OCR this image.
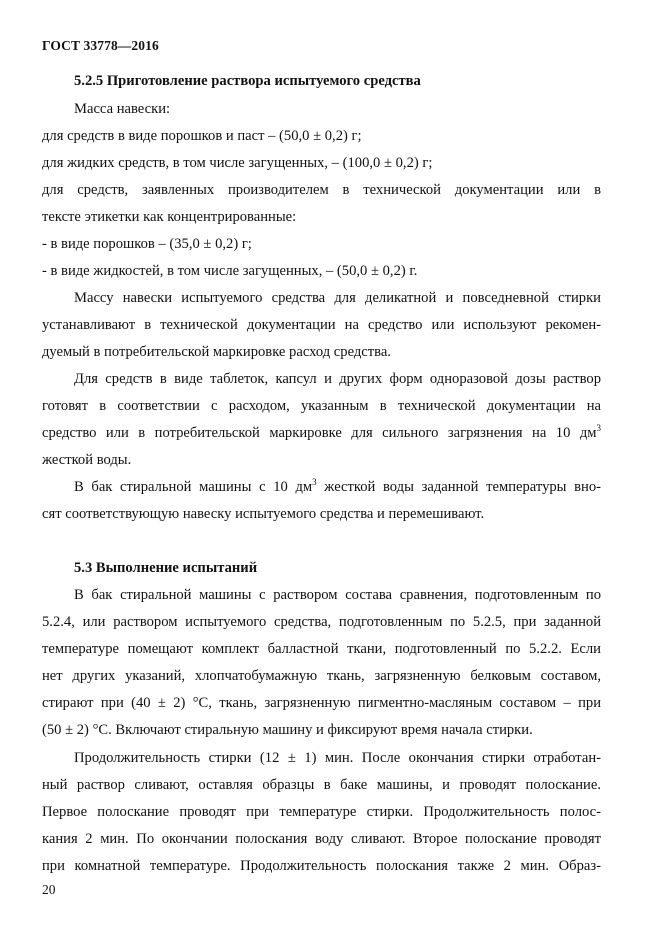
ГОСТ 33778—2016
5.2.5 Приготовление раствора испытуемого средства
Масса навески:
для средств в виде порошков и паст – (50,0 ± 0,2) г;
для жидких средств, в том числе загущенных, – (100,0 ± 0,2) г;
для средств, заявленных производителем в технической документации или в
тексте этикетки как концентрированные:
- в виде порошков – (35,0 ± 0,2) г;
- в виде жидкостей, в том числе загущенных, – (50,0 ± 0,2) г.
Массу навески испытуемого средства для деликатной и повседневной стирки
устанавливают в технической документации на средство или используют рекомен-
дуемый в потребительской маркировке расход средства.
Для средств в виде таблеток, капсул и других форм одноразовой дозы раствор
готовят в соответствии с расходом, указанным в технической документации на
средство или в потребительской маркировке для сильного загрязнения на 10 $дм^3$
жесткой воды.
В бак стиральной машины с 10 $дм^3$ жесткой воды заданной температуры вно-
сят соответствующую навеску испытуемого средства и перемешивают.
5.3 Выполнение испытаний
В бак стиральной машины с раствором состава сравнения, подготовленным по
5.2.4, или раствором испытуемого средства, подготовленным по 5.2.5, при заданной
температуре помещают комплект балластной ткани, подготовленный по 5.2.2. Если
нет других указаний, хлопчатобумажную ткань, загрязненную белковым составом,
стирают при (40 ± 2) °С, ткань, загрязненную пигментно-масляным составом – при
(50 ± 2) °С. Включают стиральную машину и фиксируют время начала стирки.
Продолжительность стирки (12 ± 1) мин. После окончания стирки отработан-
ный раствор сливают, оставляя образцы в баке машины, и проводят полоскание.
Первое полоскание проводят при температуре стирки. Продолжительность полос-
кания 2 мин. По окончании полоскания воду сливают. Второе полоскание проводят
при комнатной температуре. Продолжительность полоскания также 2 мин. Образ-
20
